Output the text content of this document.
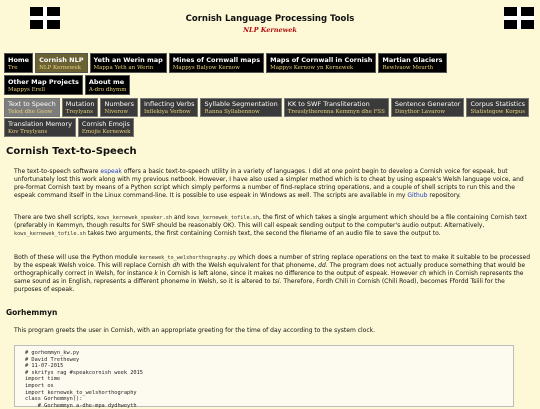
Cornish Language Processing Tools
NLP Kernewek
Home
Tre
Cornish NLP
NLP Kernewek
Yeth an Werin map
Mappa Yeth an Werin
Mines of Cornwall maps
Mappys Balyow Kernow
Maps of Cornwall in Cornish
Mappys Kernow yn Kernewek
Martian Glaciers
Rewlvaow Meurth
Other Map Projects
Mappys Erell
About me
A-dro dhymm
Text to Speech
Tekst dhe Geow
Mutation
Treylyans
Numbers
Niverow
Inflecting Verbs
Inflekiya Verbow
Syllable Segmentation
Ranna Syllabennow
KK to SWF Transliteration
Treuslytherenna Kemmyn dhe FSS
Sentence Generator
Dinythor Lavarow
Corpus Statistics
Statistegow Korpus
Translation Memory
Kov Treylyans
Cornish Emojis
Emojis Kernewek
Cornish Text-to-Speech

The text-to-speech software espeak offers a basic text-to-speech utility in a variety of languages. I did at one point begin to develop a Cornish voice for espeak, but unfortunately lost this work along with my previous netbook. However, I have also used a simpler method which is to cheat by using espeak's Welsh language voice, and pre-format Cornish text by means of a Python script which simply performs a number of find-replace string operations, and a couple of shell scripts to run this and the espeak command itself in the Linux command-line. It is possible to use espeak in Windows as well. The scripts are available in my Github repository.

There are two shell scripts, kows_kernewek_speaker.sh and kows_kernewek_tofile.sh, the first of which takes a single argument which should be a file containing Cornish text (preferably in Kemmyn, though results for SWF should be reasonably OK). This will call espeak sending output to the computer's audio output. Alternatively, kows_kernewek_tofile.sh takes two arguments, the first containing Cornish text, the second the filename of an audio file to save the output to.

Both of these will use the Python module kernewek_to_welshorthography.py which does a number of string replace operations on the text to make it suitable to be processed by the espeak Welsh voice. This will replace Cornish dh with the Welsh equivalent for that phoneme, dd. The program does not actually produce something that would be orthographically correct in Welsh, for instance k in Cornish is left alone, since it makes no difference to the output of espeak. However ch which in Cornish represents the same sound as in English, represents a different phoneme in Welsh, so it is altered to tsi. Therefore, Fordh Chili in Cornish (Chili Road), becomes Ffordd Tsiili for the purposes of espeak.

Gorhemmyn

This program greets the user in Cornish, with an appropriate greeting for the time of day according to the system clock.

# gorhemmyn_kw.py
# David Trethewey
# 11-07-2015
# skrifys rag #speakcornish week 2015
import time
import os
import kernewek_to_welshorthography
class Gorhemmyn():
# Gorhemmyn a-dhe-mpa dydhweyth
